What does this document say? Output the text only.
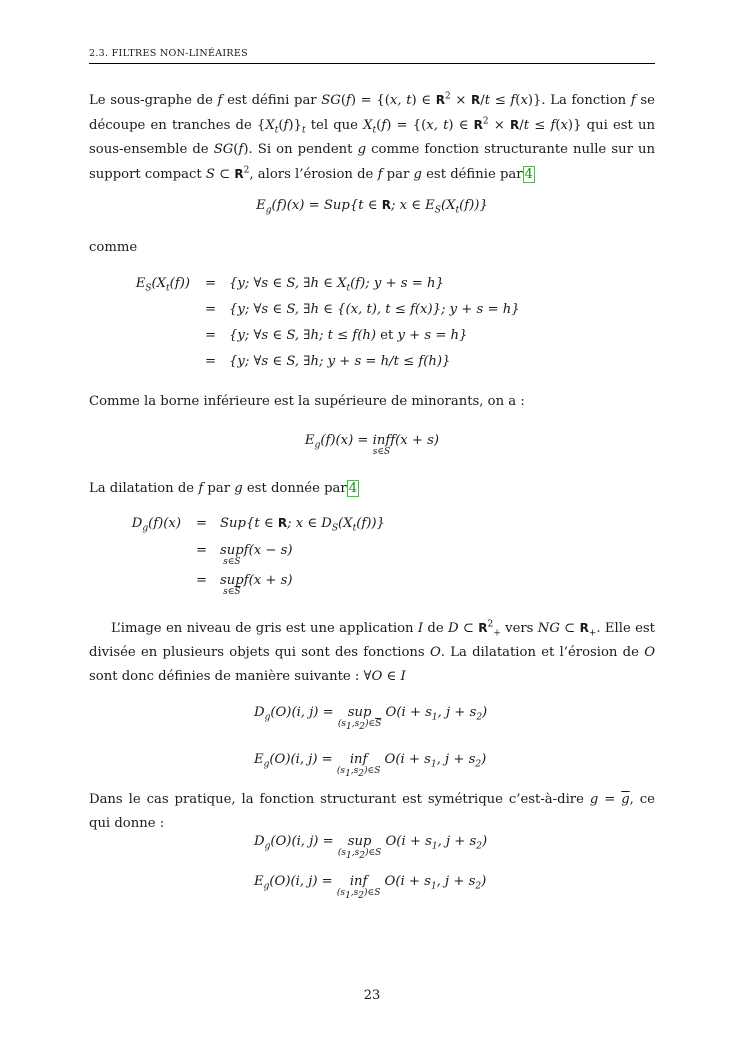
2.3. FILTRES NON-LINÉAIRES

Le sous-graphe de f est défini par SG(f) = {(x, t) ∈ $R^2 \times R/t \le f(x)$}. La fonction f se découpe en tranches de $\{X_t(f)\}_t$ tel que $X_t(f) = \{(x$, t) ∈ $R^2 \times R/t \le f(x)$} qui est un sous-ensemble de SG(f). Si on pendent g comme fonction structurante nulle sur un support compact S ⊂ $R^2$, alors l’érosion de f par g est définie par 4

$E_g(f)(x) = Sup\{t$ ∈ R; x ∈ $E_S(X_t(f))$}

comme

$E_S(X_t(f)) = \{y$; ∀s ∈ S, ∃h ∈ $X_t(f)$; y + s = h}
= {y; ∀s ∈ S, ∃h ∈ {(x, t), t ≤ f(x)}; y + s = h}
= {y; ∀s ∈ S, ∃h; t ≤ f(h) et y + s = h}
= {y; ∀s ∈ S, ∃h; y + s = h/t ≤ f(h)}

Comme la borne inférieure est la supérieure de minorants, on a :

$E_g(f)(x)$ = inf
s∈S
f(x + s)

La dilatation de f par g est donnée par 4

$D_g(f)(x) = Sup\{t$ ∈ R; x ∈ $D_S(X_t(f))$}
= sup
s∈S
f(x − s)
= sup
$s\in\overline{S}$
f(x + s)

L’image en niveau de gris est une application I de D ⊂ $R^2_+$ vers NG ⊂ $R_+$. Elle est divisée en plusieurs objets qui sont des fonctions O. La dilatation et l’érosion de O sont donc définies de manière suivante : ∀O ∈ I

$D_g(O)(i$, j) = sup
$(s_1,s_2)\in\overline{S}$
$O(i + s_1$, $j + s_2$)
$E_g(O)(i$, j) = inf
$(s_1,s_2)\in S$
$O(i + s_1$, $j + s_2$)

Dans le cas pratique, la fonction structurant est symétrique c’est-à-dire $g = \overline{g}$, ce qui donne :

$D_g(O)(i$, j) = sup
$(s_1,s_2)\in S$
$O(i + s_1$, $j + s_2$)
$E_g(O)(i$, j) = inf
$(s_1,s_2)\in S$
$O(i + s_1$, $j + s_2$)
23
